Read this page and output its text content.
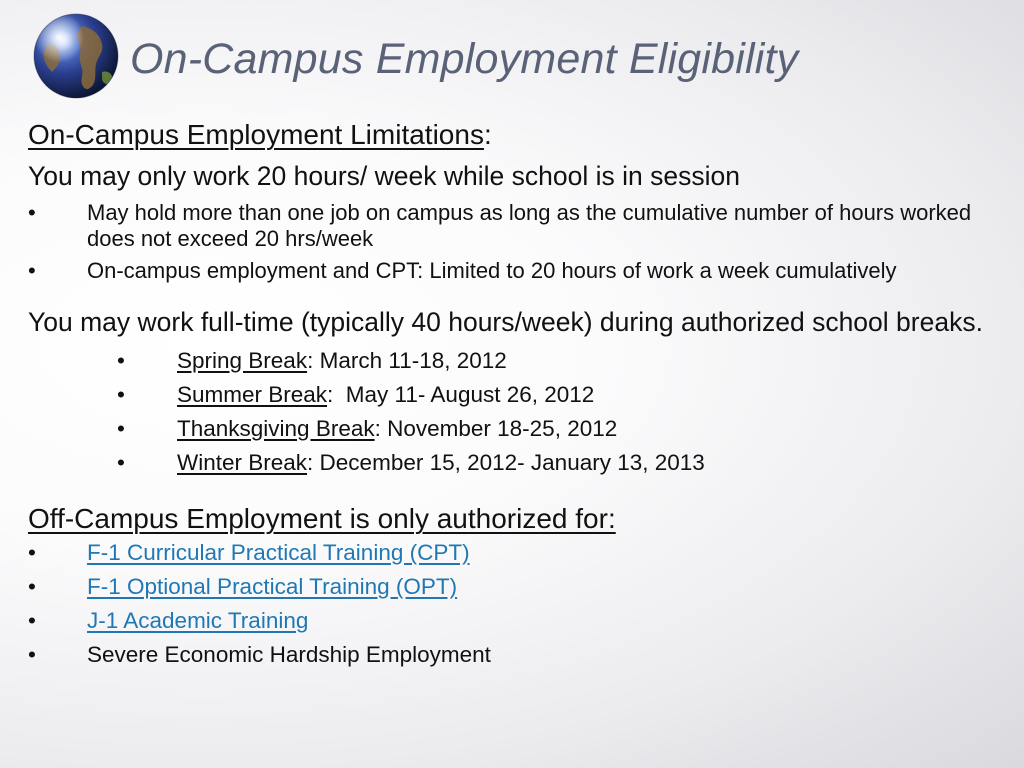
On-Campus Employment Eligibility
On-Campus Employment Limitations:
You may only work 20 hours/ week while school is in session
• May hold more than one job on campus as long as the cumulative number of hours worked does not exceed 20 hrs/week
• On-campus employment and CPT: Limited to 20 hours of work a week cumulatively
You may work full-time (typically 40 hours/week) during authorized school breaks.
• Spring Break: March 11-18, 2012
• Summer Break:  May 11- August 26, 2012
• Thanksgiving Break: November 18-25, 2012
• Winter Break: December 15, 2012- January 13, 2013
Off-Campus Employment is only authorized for:
• F-1 Curricular Practical Training (CPT)
• F-1 Optional Practical Training (OPT)
• J-1 Academic Training
• Severe Economic Hardship Employment
